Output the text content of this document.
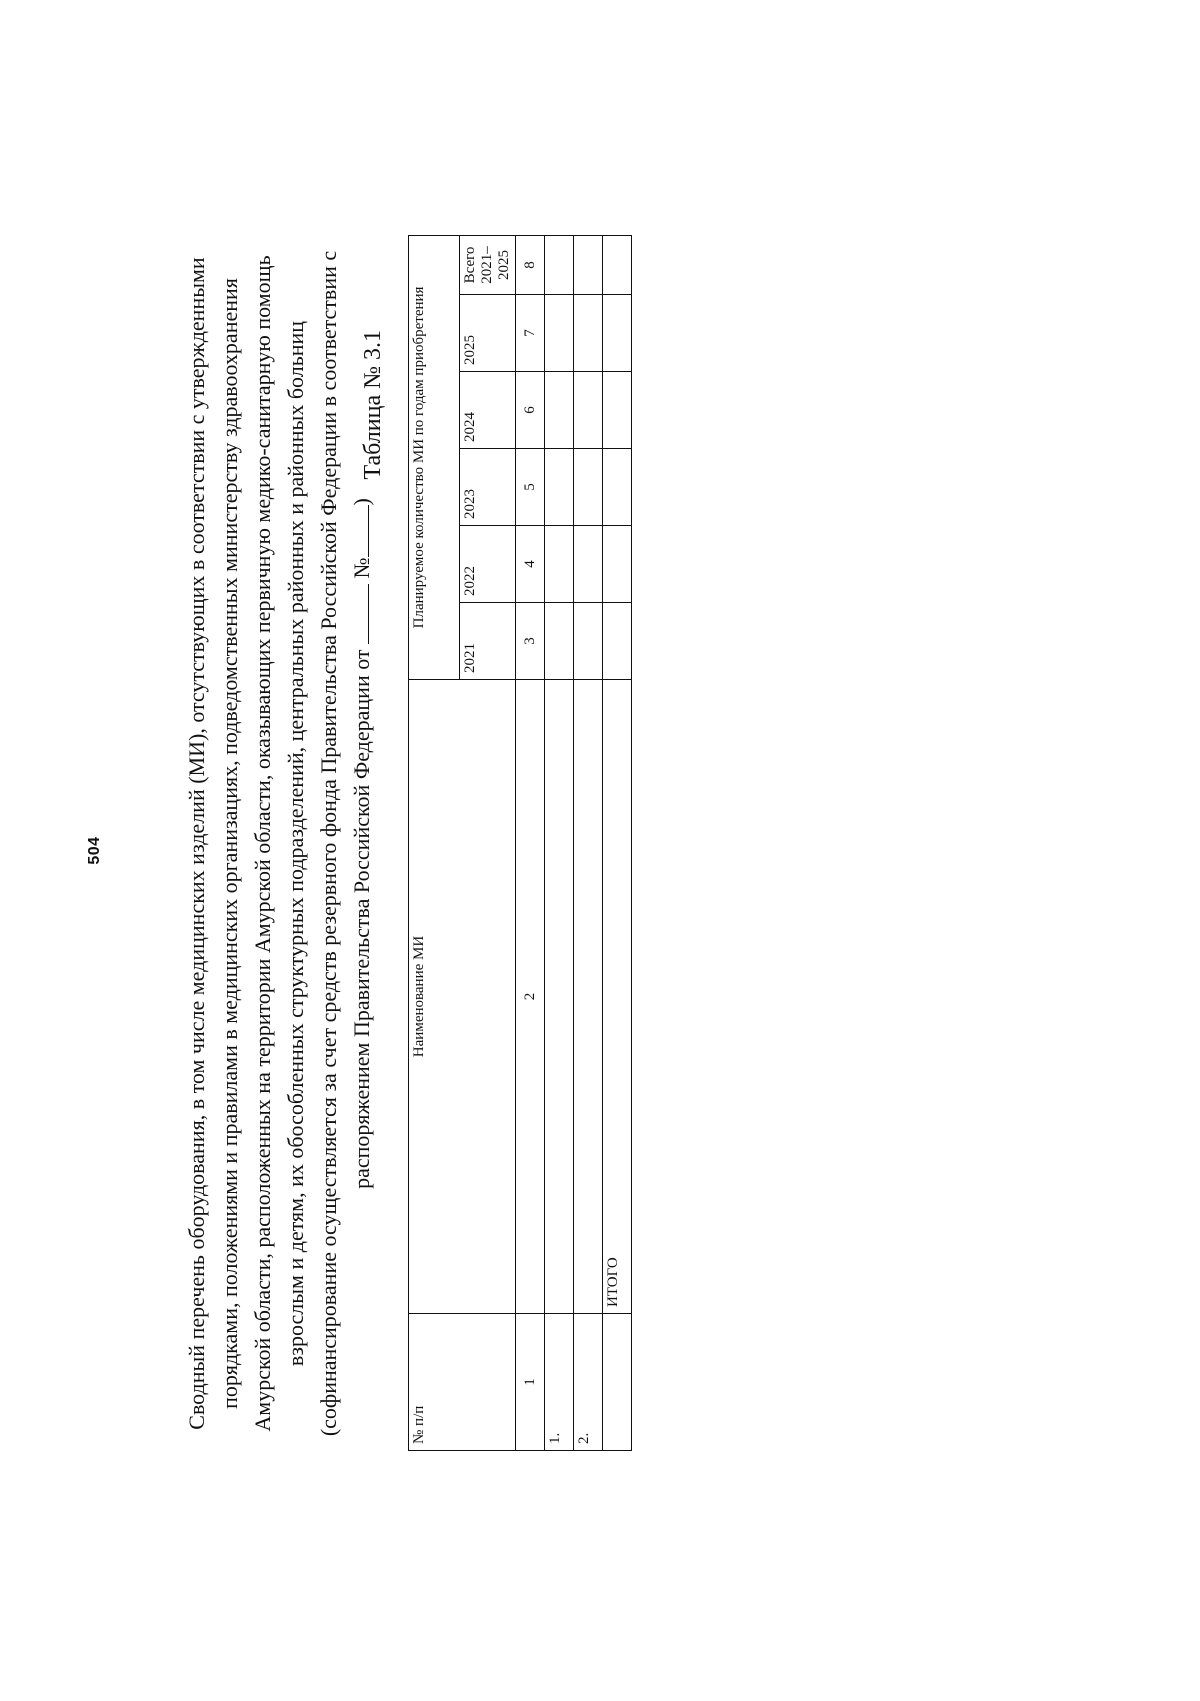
504	Сводный перечень оборудования, в том числе медицинских изделий (МИ), отсутствующих в соответствии с утвержденными порядками, положениями и правилами в медицинских организациях, подведомственных министерству здравоохранения Амурской области, расположенных на территории Амурской области, оказывающих первичную медико-санитарную помощь взрослым и детям, их обособленных структурных подразделений, центральных районных и районных больниц (софинансирование осуществляется за счет средств резервного фонда Правительства Российской Федерации в соответствии с распоряжением Правительства Российской Федерации от  №)
Таблица № 3.1
№ п/п	Наименование МИ	Планируемое количество МИ по годам приобретения					
		2021	2022	2023	2024	2025	Всего 2021–2025
1	2	3	4	5	6	7	8
1.							
2.							
	ИТОГО						
